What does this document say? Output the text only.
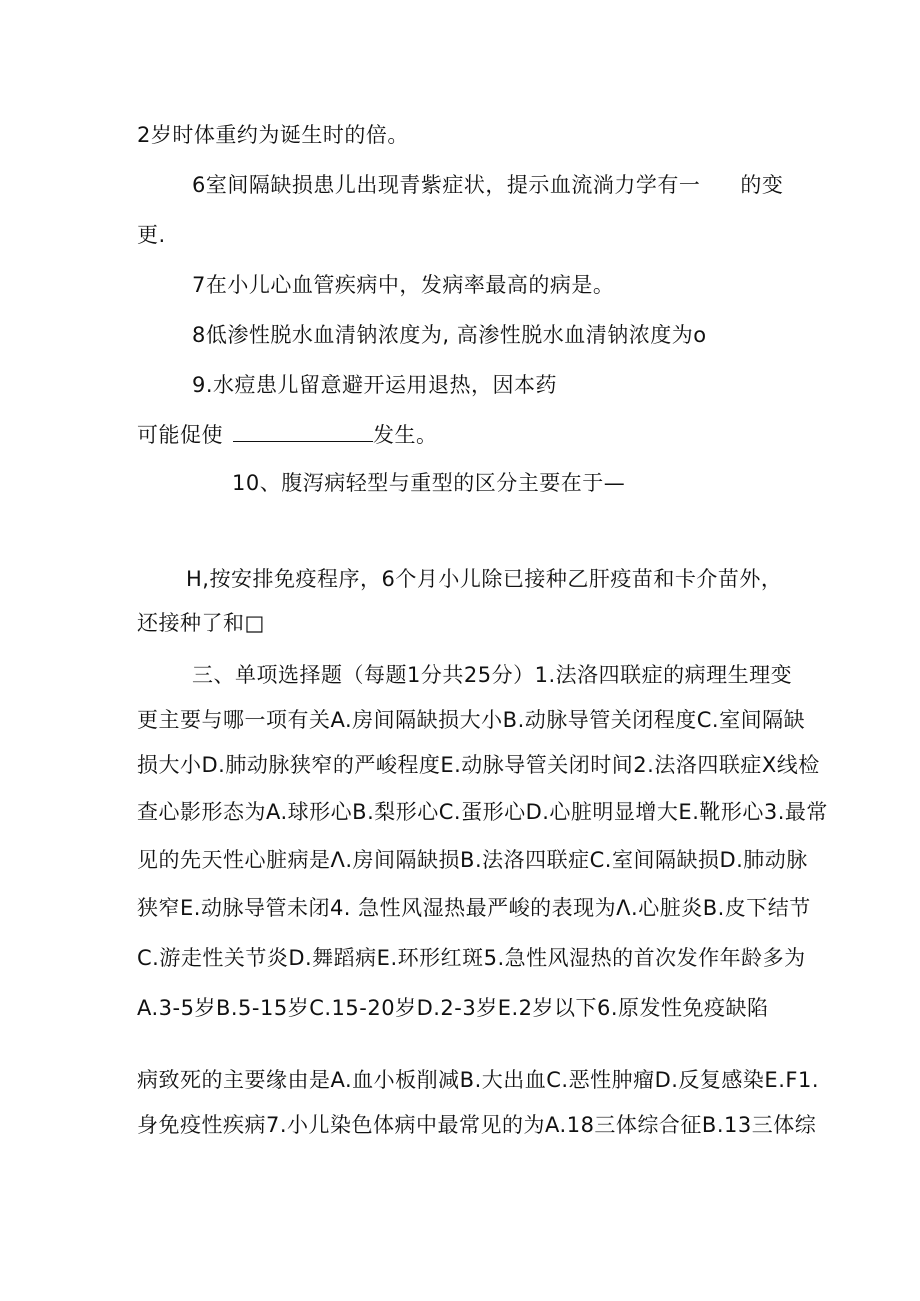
2岁时体重约为诞生时的倍。
6室间隔缺损患儿出现青紫症状，提示血流淌力学有一 的变
更.
7在小儿心血管疾病中，发病率最高的病是。
8低渗性脱水血清钠浓度为, 高渗性脱水血清钠浓度为o
9.水痘患儿留意避开运用退热，因本药
可能促使	发生。
10、腹泻病轻型与重型的区分主要在于—
H,按安排免疫程序，6个月小儿除已接种乙肝疫苗和卡介苗外，
还接种了和□
三、单项选择题（每题1分共25分）1.法洛四联症的病理生理变
更主要与哪一项有关A.房间隔缺损大小B.动脉导管关闭程度C.室间隔缺
损大小D.肺动脉狭窄的严峻程度E.动脉导管关闭时间2.法洛四联症X线检
查心影形态为A.球形心B.梨形心C.蛋形心D.心脏明显增大E.靴形心3.最常
见的先天性心脏病是Λ.房间隔缺损B.法洛四联症C.室间隔缺损D.肺动脉
狭窄E.动脉导管未闭4. 急性风湿热最严峻的表现为Λ.心脏炎B.皮下结节
C.游走性关节炎D.舞蹈病E.环形红斑5.急性风湿热的首次发作年龄多为
A.3-5岁B.5-15岁C.15-20岁D.2-3岁E.2岁以下6.原发性免疫缺陷
病致死的主要缘由是A.血小板削减B.大出血C.恶性肿瘤D.反复感染E.F1.
身免疫性疾病7.小儿染色体病中最常见的为A.18三体综合征B.13三体综
